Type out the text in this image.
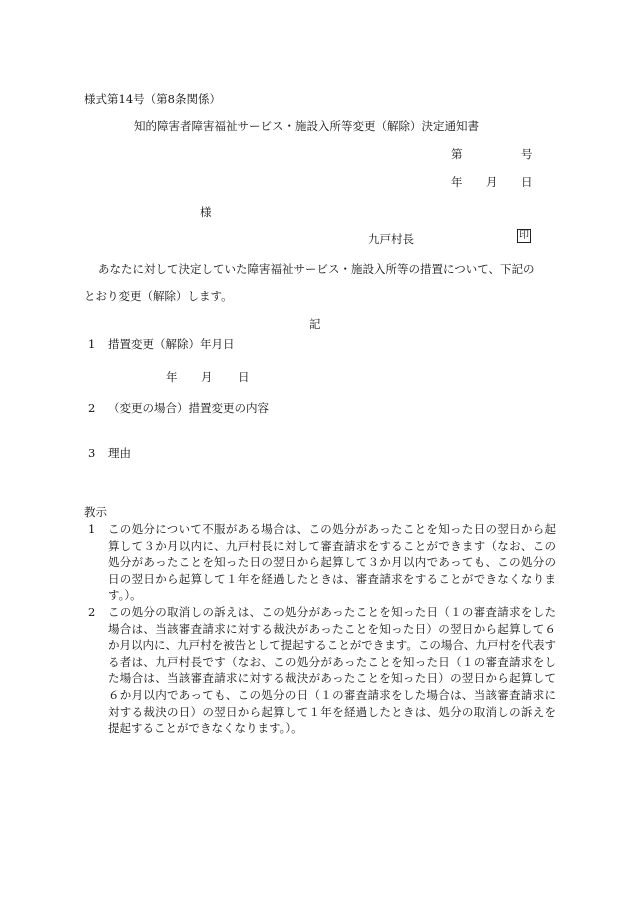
様式第14号（第8条関係）
知的障害者障害福祉サービス・施設入所等変更（解除）決定通知書
第	号
年 月 日
様
九戸村長	印
あなたに対して決定していた障害福祉サービス・施設入所等の措置について、下記の
とおり変更（解除）します。
記
1 措置変更（解除）年月日
年 月 日
2 （変更の場合）措置変更の内容
3 理由
教示
1	この処分について不服がある場合は、この処分があったことを知った日の翌日から起算して３か月以内に、九戸村長に対して審査請求をすることができます（なお、この処分があったことを知った日の翌日から起算して３か月以内であっても、この処分の日の翌日から起算して１年を経過したときは、審査請求をすることができなくなります。）。
2	この処分の取消しの訴えは、この処分があったことを知った日（１の審査請求をした場合は、当該審査請求に対する裁決があったことを知った日）の翌日から起算して６か月以内に、九戸村を被告として提起することができます。この場合、九戸村を代表する者は、九戸村長です（なお、この処分があったことを知った日（１の審査請求をした場合は、当該審査請求に対する裁決があったことを知った日）の翌日から起算して６か月以内であっても、この処分の日（１の審査請求をした場合は、当該審査請求に対する裁決の日）の翌日から起算して１年を経過したときは、処分の取消しの訴えを提起することができなくなります。）。
